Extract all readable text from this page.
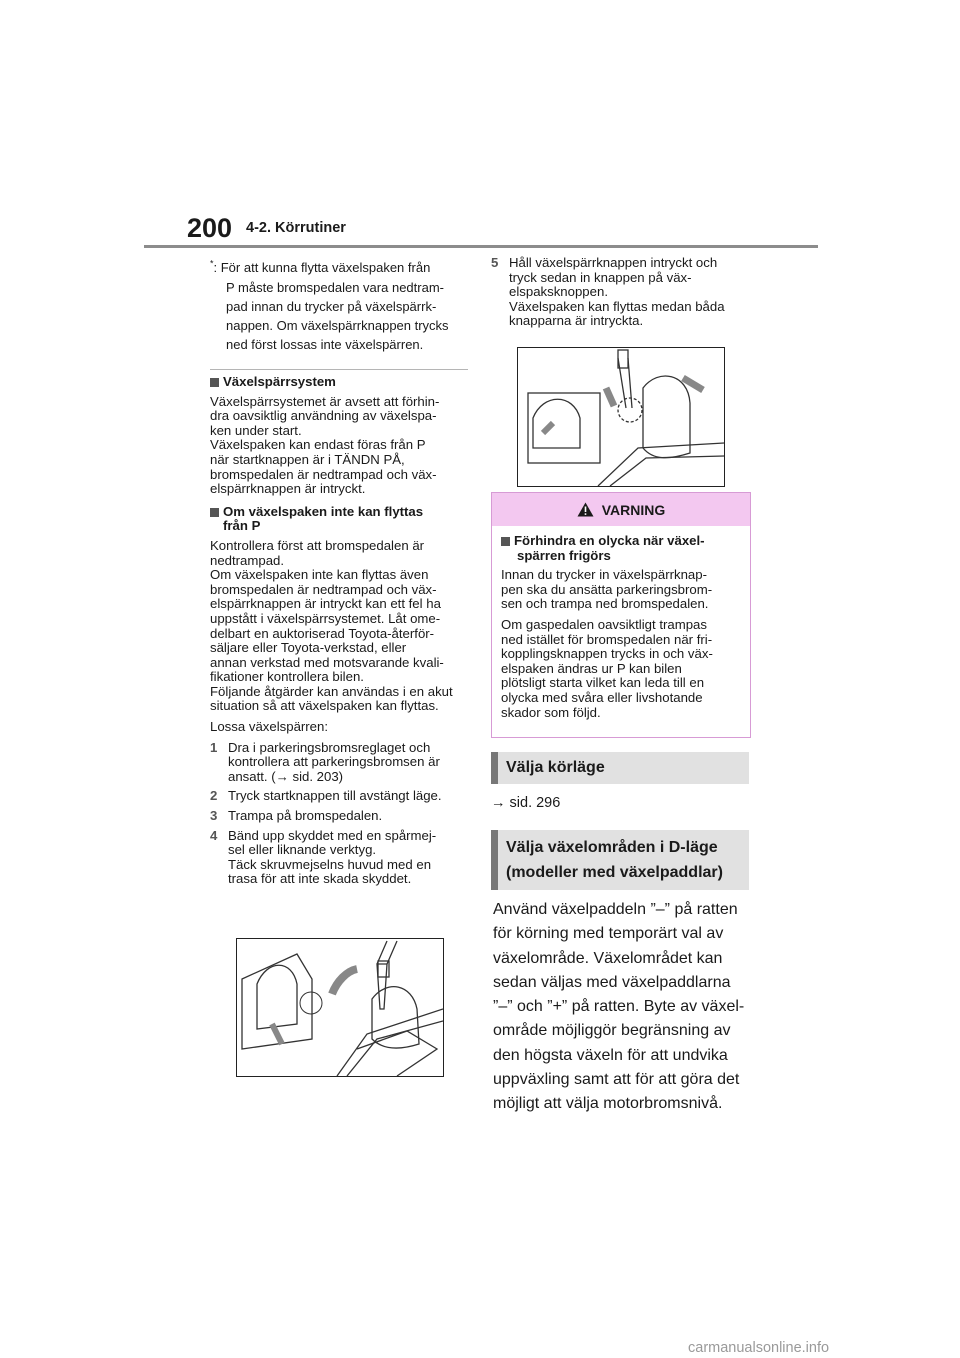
200 4-2. Körrutiner
*: För att kunna flytta växelspaken från
P måste bromspedalen vara nedtram-
pad innan du trycker på växelspärrk-
nappen. Om växelspärrknappen trycks
ned först lossas inte växelspärren.
Växelspärrsystem

Växelspärrsystemet är avsett att förhin-
dra oavsiktlig användning av växelspa-
ken under start.
Växelspaken kan endast föras från P
när startknappen är i TÄNDN PÅ,
bromspedalen är nedtrampad och väx-
elspärrknappen är intryckt.

Om växelspaken inte kan flyttas
från P

Kontrollera först att bromspedalen är
nedtrampad.
Om växelspaken inte kan flyttas även
bromspedalen är nedtrampad och väx-
elspärrknappen är intryckt kan ett fel ha
uppstått i växelspärrsystemet. Låt ome-
delbart en auktoriserad Toyota-återför-
säljare eller Toyota-verkstad, eller
annan verkstad med motsvarande kvali-
fikationer kontrollera bilen.
Följande åtgärder kan användas i en akut
situation så att växelspaken kan flyttas.

Lossa växelspärren:

1 Dra i parkeringsbromsreglaget och
kontrollera att parkeringsbromsen är
ansatt. (→ sid. 203)
2 Tryck startknappen till avstängt läge.
3 Trampa på bromspedalen.
4 Bänd upp skyddet med en spårmej-
sel eller liknande verktyg.
Täck skruvmejselns huvud med en
trasa för att inte skada skyddet.
5 Håll växelspärrknappen intryckt och
tryck sedan in knappen på väx-
elspaksknoppen.
Växelspaken kan flyttas medan båda
knapparna är intryckta.
VARNING
Förhindra en olycka när växel-
spärren frigörs

Innan du trycker in växelspärrknap-
pen ska du ansätta parkeringsbrom-
sen och trampa ned bromspedalen.

Om gaspedalen oavsiktligt trampas
ned istället för bromspedalen när fri-
kopplingsknappen trycks in och väx-
elspaken ändras ur P kan bilen
plötsligt starta vilket kan leda till en
olycka med svåra eller livshotande
skador som följd.

Välja körläge
→ sid. 296
Välja växelområden i D-läge
(modeller med växelpaddlar)
Använd växelpaddeln ”–” på ratten
för körning med temporärt val av
växelområde. Växelområdet kan
sedan väljas med växelpaddlarna
”–” och ”+” på ratten. Byte av växel-
område möjliggör begränsning av
den högsta växeln för att undvika
uppväxling samt att för att göra det
möjligt att välja motorbromsnivå.
carmanualsonline.info
